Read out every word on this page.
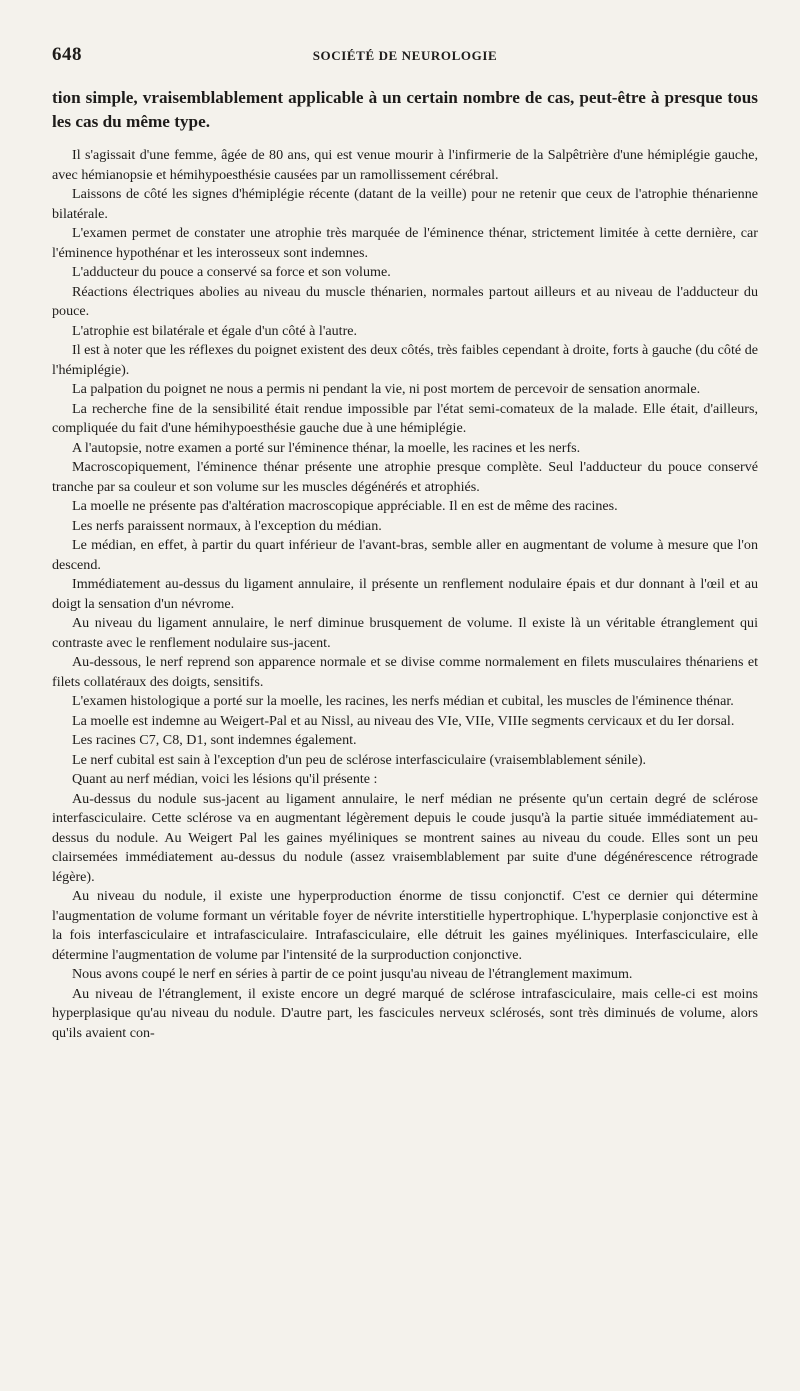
648	SOCIÉTÉ DE NEUROLOGIE

tion simple, vraisemblablement applicable à un certain nombre de cas, peut-être à presque tous les cas du même type.

Il s'agissait d'une femme, âgée de 80 ans, qui est venue mourir à l'infirmerie de la Salpêtrière d'une hémiplégie gauche, avec hémianopsie et hémihypoesthésie causées par un ramollissement cérébral.

Laissons de côté les signes d'hémiplégie récente (datant de la veille) pour ne retenir que ceux de l'atrophie thénarienne bilatérale.

L'examen permet de constater une atrophie très marquée de l'éminence thénar, strictement limitée à cette dernière, car l'éminence hypothénar et les interosseux sont indemnes.

L'adducteur du pouce a conservé sa force et son volume.

Réactions électriques abolies au niveau du muscle thénarien, normales partout ailleurs et au niveau de l'adducteur du pouce.

L'atrophie est bilatérale et égale d'un côté à l'autre.

Il est à noter que les réflexes du poignet existent des deux côtés, très faibles cependant à droite, forts à gauche (du côté de l'hémiplégie).

La palpation du poignet ne nous a permis ni pendant la vie, ni post mortem de percevoir de sensation anormale.

La recherche fine de la sensibilité était rendue impossible par l'état semi-comateux de la malade. Elle était, d'ailleurs, compliquée du fait d'une hémihypoesthésie gauche due à une hémiplégie.

A l'autopsie, notre examen a porté sur l'éminence thénar, la moelle, les racines et les nerfs.

Macroscopiquement, l'éminence thénar présente une atrophie presque complète. Seul l'adducteur du pouce conservé tranche par sa couleur et son volume sur les muscles dégénérés et atrophiés.

La moelle ne présente pas d'altération macroscopique appréciable. Il en est de même des racines.

Les nerfs paraissent normaux, à l'exception du médian.

Le médian, en effet, à partir du quart inférieur de l'avant-bras, semble aller en augmentant de volume à mesure que l'on descend.

Immédiatement au-dessus du ligament annulaire, il présente un renflement nodulaire épais et dur donnant à l'œil et au doigt la sensation d'un névrome.

Au niveau du ligament annulaire, le nerf diminue brusquement de volume. Il existe là un véritable étranglement qui contraste avec le renflement nodulaire sus-jacent.

Au-dessous, le nerf reprend son apparence normale et se divise comme normalement en filets musculaires thénariens et filets collatéraux des doigts, sensitifs.

L'examen histologique a porté sur la moelle, les racines, les nerfs médian et cubital, les muscles de l'éminence thénar.

La moelle est indemne au Weigert-Pal et au Nissl, au niveau des VIe, VIIe, VIIIe segments cervicaux et du Ier dorsal.

Les racines C7, C8, D1, sont indemnes également.

Le nerf cubital est sain à l'exception d'un peu de sclérose interfasciculaire (vraisemblablement sénile).

Quant au nerf médian, voici les lésions qu'il présente :

Au-dessus du nodule sus-jacent au ligament annulaire, le nerf médian ne présente qu'un certain degré de sclérose interfasciculaire. Cette sclérose va en augmentant légèrement depuis le coude jusqu'à la partie située immédiatement au-dessus du nodule. Au Weigert Pal les gaines myéliniques se montrent saines au niveau du coude. Elles sont un peu clairsemées immédiatement au-dessus du nodule (assez vraisemblablement par suite d'une dégénérescence rétrograde légère).

Au niveau du nodule, il existe une hyperproduction énorme de tissu conjonctif. C'est ce dernier qui détermine l'augmentation de volume formant un véritable foyer de névrite interstitielle hypertrophique. L'hyperplasie conjonctive est à la fois interfasciculaire et intrafasciculaire. Intrafasciculaire, elle détruit les gaines myéliniques. Interfasciculaire, elle détermine l'augmentation de volume par l'intensité de la surproduction conjonctive.

Nous avons coupé le nerf en séries à partir de ce point jusqu'au niveau de l'étranglement maximum.

Au niveau de l'étranglement, il existe encore un degré marqué de sclérose intrafasciculaire, mais celle-ci est moins hyperplasique qu'au niveau du nodule. D'autre part, les fascicules nerveux sclérosés, sont très diminués de volume, alors qu'ils avaient con-
